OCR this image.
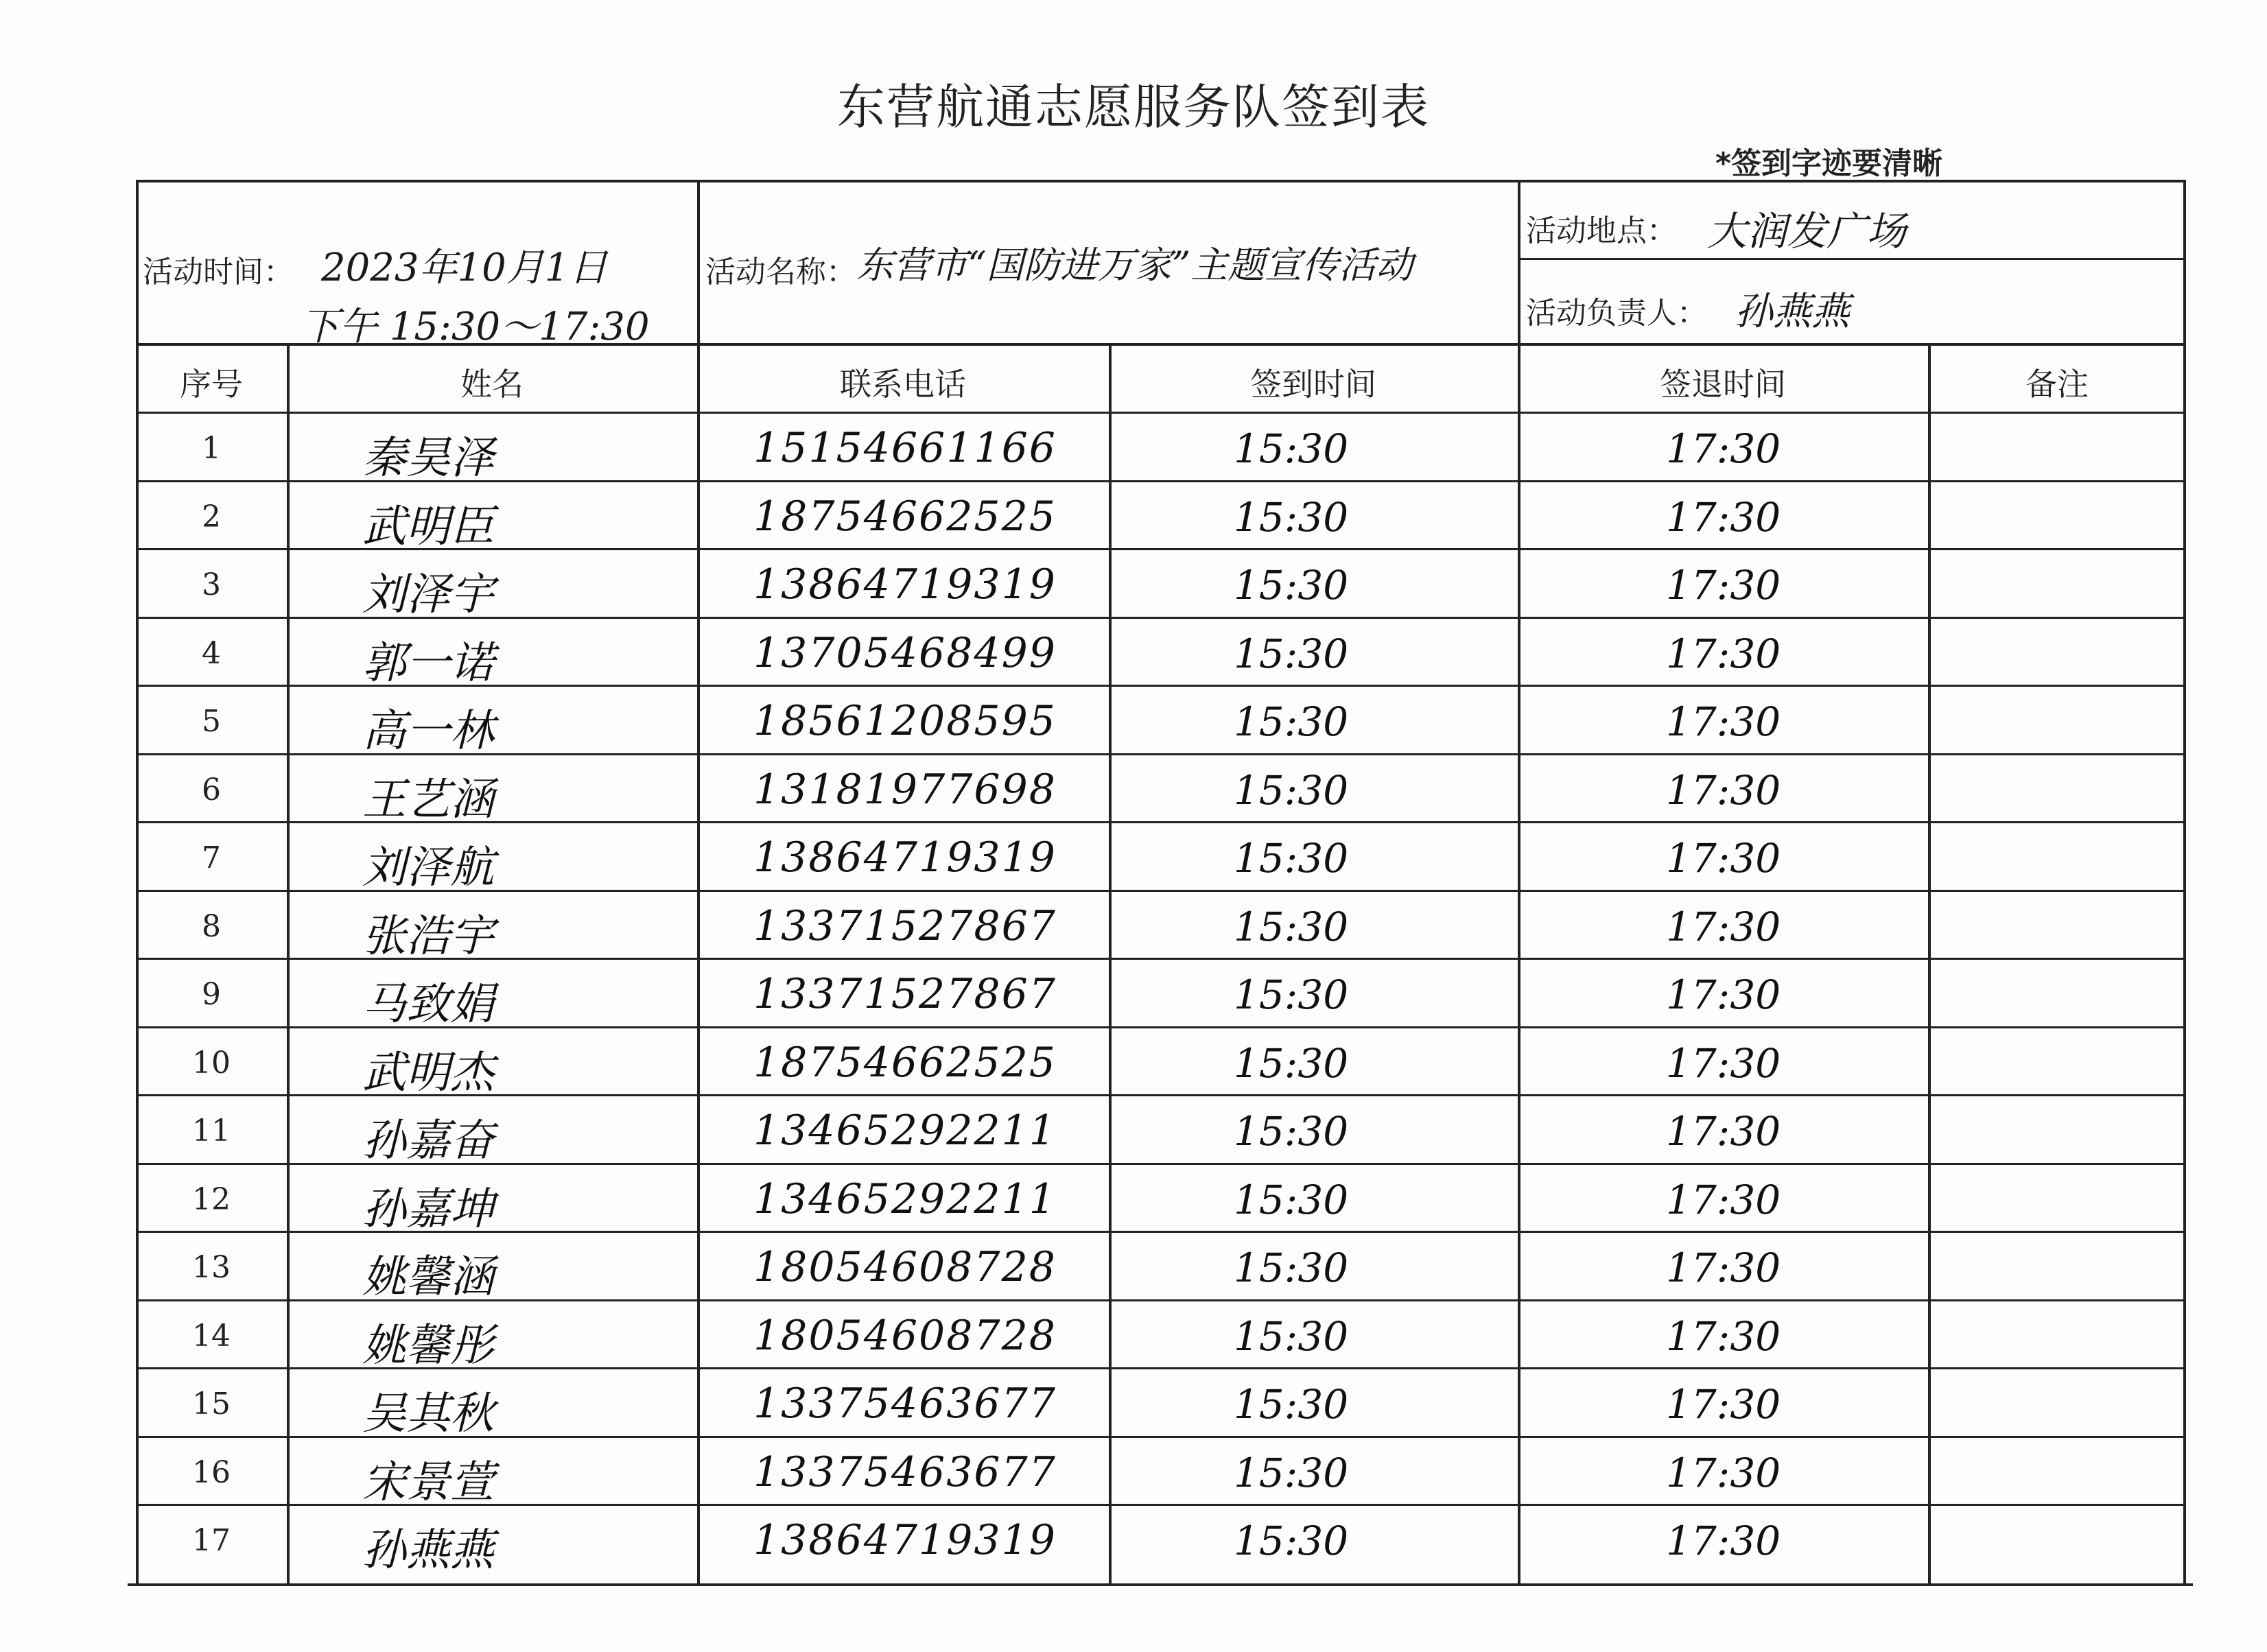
东营航通志愿服务队签到表
*签到字迹要清晰
活动时间： 2023年10月1日
下午 15:30～17:30
活动名称： 东营市“国防进万家”主题宣传活动
活动地点： 大润发广场
活动负责人： 孙燕燕
序号	姓名	联系电话	签到时间	签退时间	备注
1	秦昊泽	15154661166	15:30	17:30
2	武明臣	18754662525	15:30	17:30
3	刘泽宇	13864719319	15:30	17:30
4	郭一诺	13705468499	15:30	17:30
5	高一林	18561208595	15:30	17:30
6	王艺涵	13181977698	15:30	17:30
7	刘泽航	13864719319	15:30	17:30
8	张浩宇	13371527867	15:30	17:30
9	马致娟	13371527867	15:30	17:30
10	武明杰	18754662525	15:30	17:30
11	孙嘉奋	13465292211	15:30	17:30
12	孙嘉坤	13465292211	15:30	17:30
13	姚馨涵	18054608728	15:30	17:30
14	姚馨彤	18054608728	15:30	17:30
15	吴其秋	13375463677	15:30	17:30
16	宋景萱	13375463677	15:30	17:30
17	孙燕燕	13864719319	15:30	17:30
